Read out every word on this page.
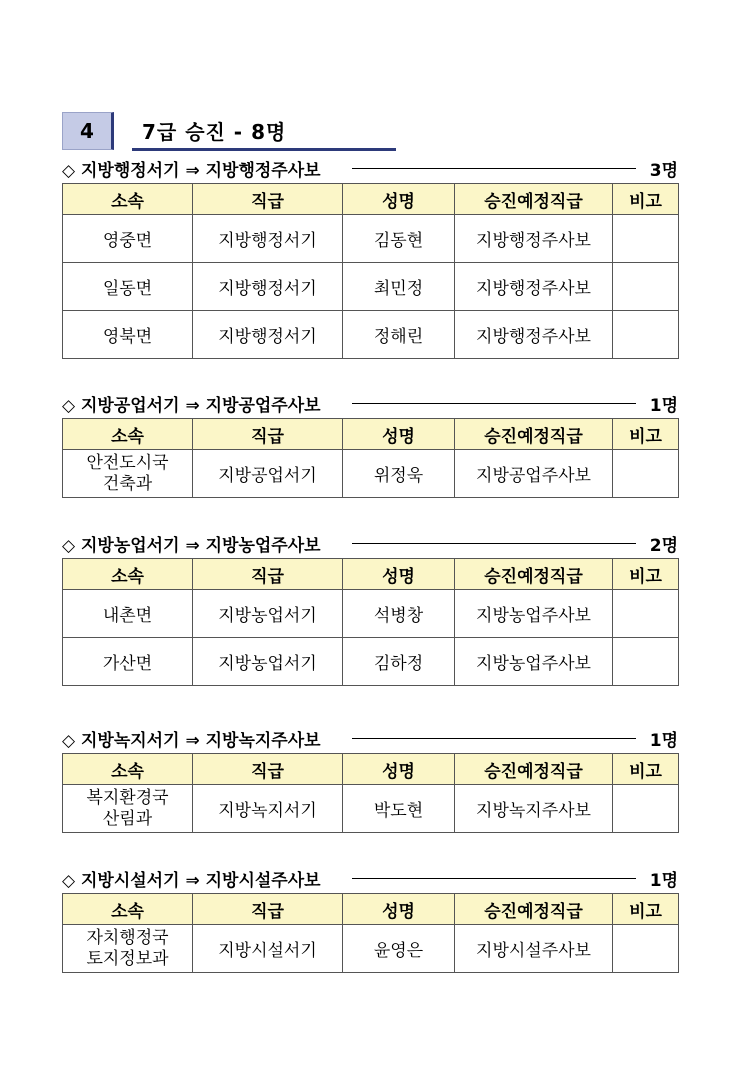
4	7급 승진 - 8명
◇ 지방행정서기 ⇒ 지방행정주사보	3명
소속	직급	성명	승진예정직급	비고
영중면	지방행정서기	김동현	지방행정주사보	
일동면	지방행정서기	최민정	지방행정주사보	
영북면	지방행정서기	정해린	지방행정주사보	
◇ 지방공업서기 ⇒ 지방공업주사보	1명
소속	직급	성명	승진예정직급	비고
안전도시국
건축과	지방공업서기	위정욱	지방공업주사보	
◇ 지방농업서기 ⇒ 지방농업주사보	2명
소속	직급	성명	승진예정직급	비고
내촌면	지방농업서기	석병창	지방농업주사보	
가산면	지방농업서기	김하정	지방농업주사보	
◇ 지방녹지서기 ⇒ 지방녹지주사보	1명
소속	직급	성명	승진예정직급	비고
복지환경국
산림과	지방녹지서기	박도현	지방녹지주사보	
◇ 지방시설서기 ⇒ 지방시설주사보	1명
소속	직급	성명	승진예정직급	비고
자치행정국
토지정보과	지방시설서기	윤영은	지방시설주사보	
